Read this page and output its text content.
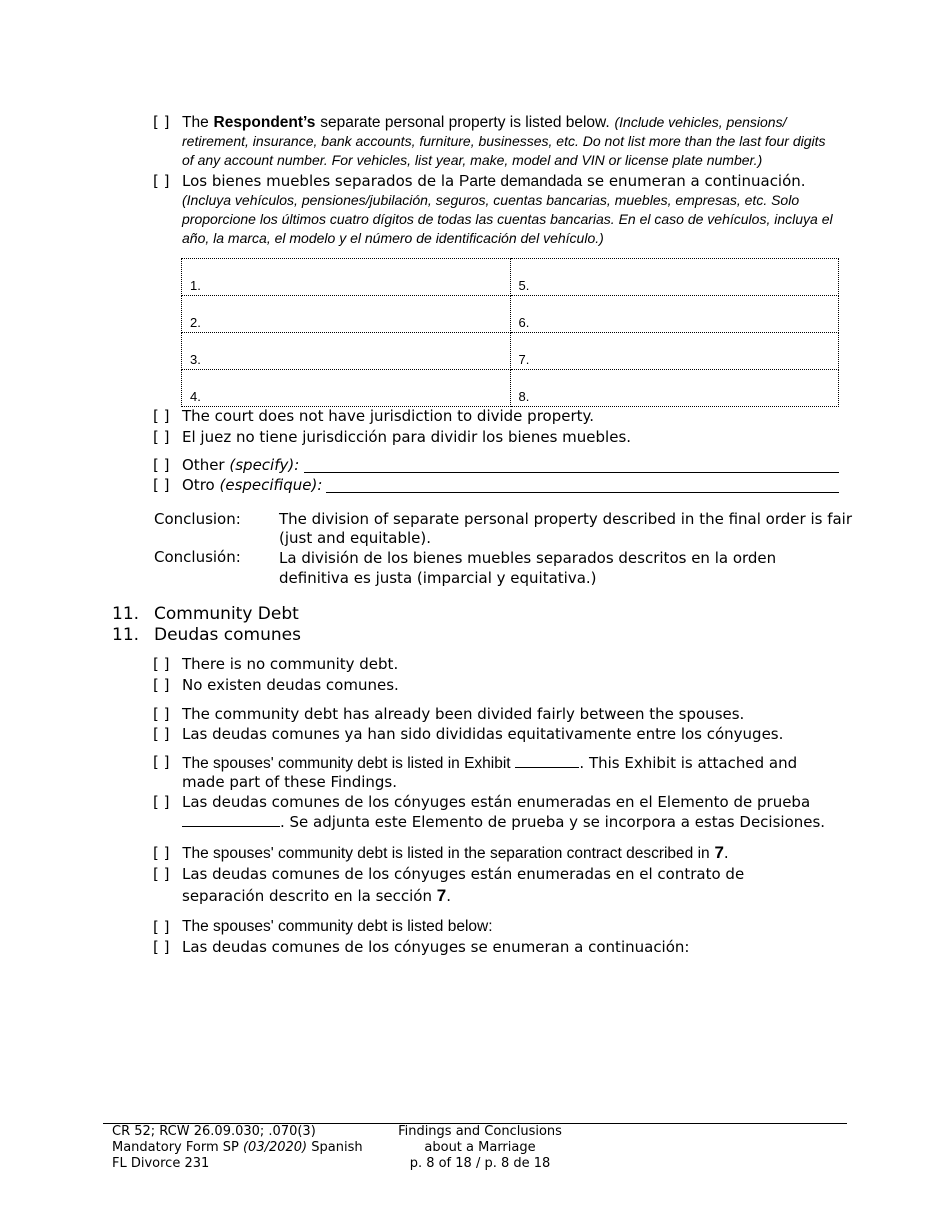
[ ] The Respondent’s separate personal property is listed below. (Include vehicles, pensions/
retirement, insurance, bank accounts, furniture, businesses, etc. Do not list more than the last four digits
of any account number. For vehicles, list year, make, model and VIN or license plate number.)
[ ] Los bienes muebles separados de la Parte demandada se enumeran a continuación.
(Incluya vehículos, pensiones/jubilación, seguros, cuentas bancarias, muebles, empresas, etc. Solo
proporcione los últimos cuatro dígitos de todas las cuentas bancarias. En el caso de vehículos, incluya el
año, la marca, el modelo y el número de identificación del vehículo.)
1.	5.
2.	6.
3.	7.
4.	8.
[ ] The court does not have jurisdiction to divide property.
[ ] El juez no tiene jurisdicción para dividir los bienes muebles.
[ ] Other (specify):
[ ] Otro (especifique):
Conclusion:	The division of separate personal property described in the final order is fair
(just and equitable).
Conclusión:	La división de los bienes muebles separados descritos en la orden
definitiva es justa (imparcial y equitativa.)
11. Community Debt
11. Deudas comunes
[ ] There is no community debt.
[ ] No existen deudas comunes.
[ ] The community debt has already been divided fairly between the spouses.
[ ] Las deudas comunes ya han sido divididas equitativamente entre los cónyuges.
[ ] The spouses' community debt is listed in Exhibit	. This Exhibit is attached and
made part of these Findings.
[ ] Las deudas comunes de los cónyuges están enumeradas en el Elemento de prueba
. Se adjunta este Elemento de prueba y se incorpora a estas Decisiones.
[ ] The spouses' community debt is listed in the separation contract described in 7.
[ ] Las deudas comunes de los cónyuges están enumeradas en el contrato de
separación descrito en la sección 7.
[ ] The spouses' community debt is listed below:
[ ] Las deudas comunes de los cónyuges se enumeran a continuación:
CR 52; RCW 26.09.030; .070(3)
Mandatory Form SP (03/2020) Spanish
FL Divorce 231
Findings and Conclusions
about a Marriage
p. 8 of 18 / p. 8 de 18
